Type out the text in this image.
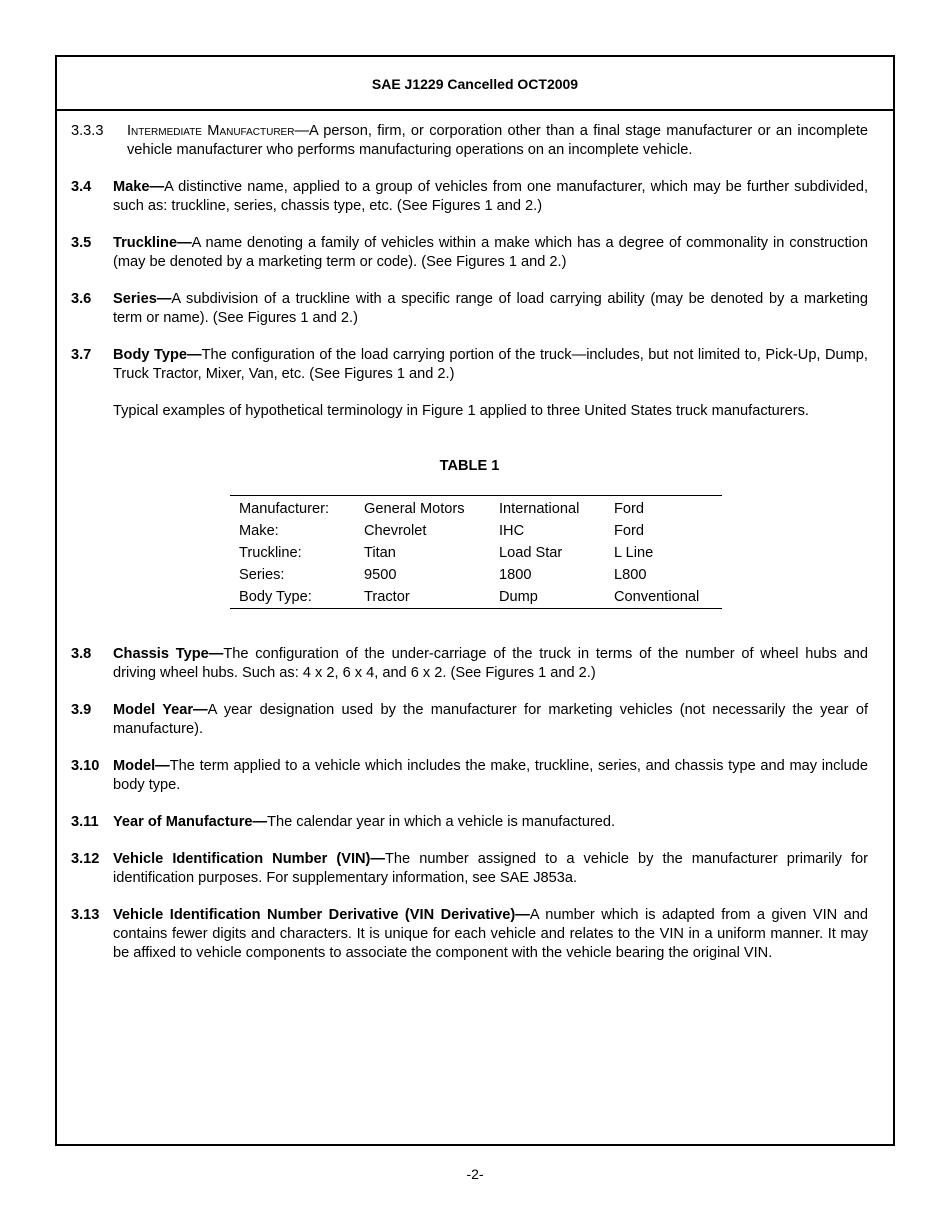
SAE J1229 Cancelled OCT2009
3.3.3	Intermediate Manufacturer—A person, firm, or corporation other than a final stage manufacturer or an incomplete vehicle manufacturer who performs manufacturing operations on an incomplete vehicle.
3.4	Make—A distinctive name, applied to a group of vehicles from one manufacturer, which may be further subdivided, such as: truckline, series, chassis type, etc. (See Figures 1 and 2.)
3.5	Truckline—A name denoting a family of vehicles within a make which has a degree of commonality in construction (may be denoted by a marketing term or code). (See Figures 1 and 2.)
3.6	Series—A subdivision of a truckline with a specific range of load carrying ability (may be denoted by a marketing term or name). (See Figures 1 and 2.)
3.7	Body Type—The configuration of the load carrying portion of the truck—includes, but not limited to, Pick-Up, Dump, Truck Tractor, Mixer, Van, etc. (See Figures 1 and 2.)
Typical examples of hypothetical terminology in Figure 1 applied to three United States truck manufacturers.
TABLE 1
Manufacturer:	General Motors	International	Ford
Make:	Chevrolet	IHC	Ford
Truckline:	Titan	Load Star	L Line
Series:	9500	1800	L800
Body Type:	Tractor	Dump	Conventional
3.8	Chassis Type—The configuration of the under-carriage of the truck in terms of the number of wheel hubs and driving wheel hubs. Such as: 4 x 2, 6 x 4, and 6 x 2. (See Figures 1 and 2.)
3.9	Model Year—A year designation used by the manufacturer for marketing vehicles (not necessarily the year of manufacture).
3.10 Model—The term applied to a vehicle which includes the make, truckline, series, and chassis type and may include body type.
3.11 Year of Manufacture—The calendar year in which a vehicle is manufactured.
3.12 Vehicle Identification Number (VIN)—The number assigned to a vehicle by the manufacturer primarily for identification purposes. For supplementary information, see SAE J853a.
3.13 Vehicle Identification Number Derivative (VIN Derivative)—A number which is adapted from a given VIN and contains fewer digits and characters. It is unique for each vehicle and relates to the VIN in a uniform manner. It may be affixed to vehicle components to associate the component with the vehicle bearing the original VIN.
-2-
